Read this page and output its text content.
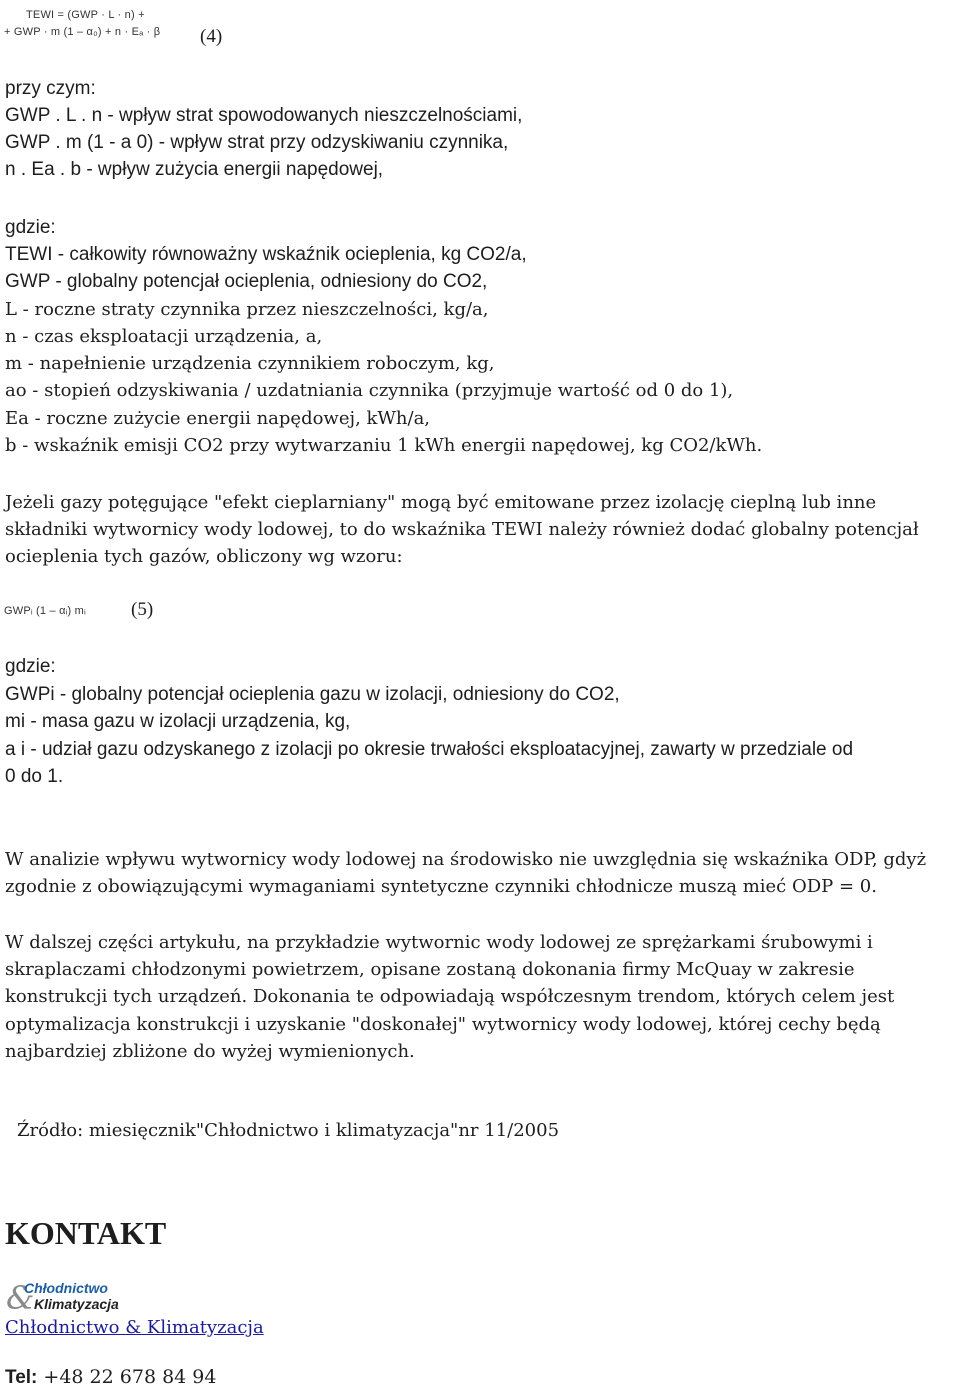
TEWI = (GWP · L · n) +
+ GWP · m (1 – α₀) + n · Eₐ · β (4)
przy czym:
GWP . L . n - wpływ strat spowodowanych nieszczelnościami,
GWP . m (1 - a 0) - wpływ strat przy odzyskiwaniu czynnika,
n . Ea . b - wpływ zużycia energii napędowej,
gdzie:
TEWI - całkowity równoważny wskaźnik ocieplenia, kg CO2/a,
GWP - globalny potencjał ocieplenia, odniesiony do CO2,
L - roczne straty czynnika przez nieszczelności, kg/a,
n - czas eksploatacji urządzenia, a,
m - napełnienie urządzenia czynnikiem roboczym, kg,
ao - stopień odzyskiwania / uzdatniania czynnika (przyjmuje wartość od 0 do 1),
Ea - roczne zużycie energii napędowej, kWh/a,
b - wskaźnik emisji CO2 przy wytwarzaniu 1 kWh energii napędowej, kg CO2/kWh.
Jeżeli gazy potęgujące "efekt cieplarniany" mogą być emitowane przez izolację cieplną lub inne
składniki wytwornicy wody lodowej, to do wskaźnika TEWI należy również dodać globalny potencjał
ocieplenia tych gazów, obliczony wg wzoru:
GWPᵢ (1 – αᵢ) mᵢ (5)
gdzie:
GWPi - globalny potencjał ocieplenia gazu w izolacji, odniesiony do CO2,
mi - masa gazu w izolacji urządzenia, kg,
a i - udział gazu odzyskanego z izolacji po okresie trwałości eksploatacyjnej, zawarty w przedziale od
0 do 1.
W analizie wpływu wytwornicy wody lodowej na środowisko nie uwzględnia się wskaźnika ODP, gdyż
zgodnie z obowiązującymi wymaganiami syntetyczne czynniki chłodnicze muszą mieć ODP = 0.
W dalszej części artykułu, na przykładzie wytwornic wody lodowej ze sprężarkami śrubowymi i
skraplaczami chłodzonymi powietrzem, opisane zostaną dokonania firmy McQuay w zakresie
konstrukcji tych urządzeń. Dokonania te odpowiadają współczesnym trendom, których celem jest
optymalizacja konstrukcji i uzyskanie "doskonałej" wytwornicy wody lodowej, której cechy będą
najbardziej zbliżone do wyżej wymienionych.
Źródło: miesięcznik"Chłodnictwo i klimatyzacja"nr 11/2005
KONTAKT
&
Chłodnictwo
Klimatyzacja
Chłodnictwo & Klimatyzacja
Tel: +48 22 678 84 94
